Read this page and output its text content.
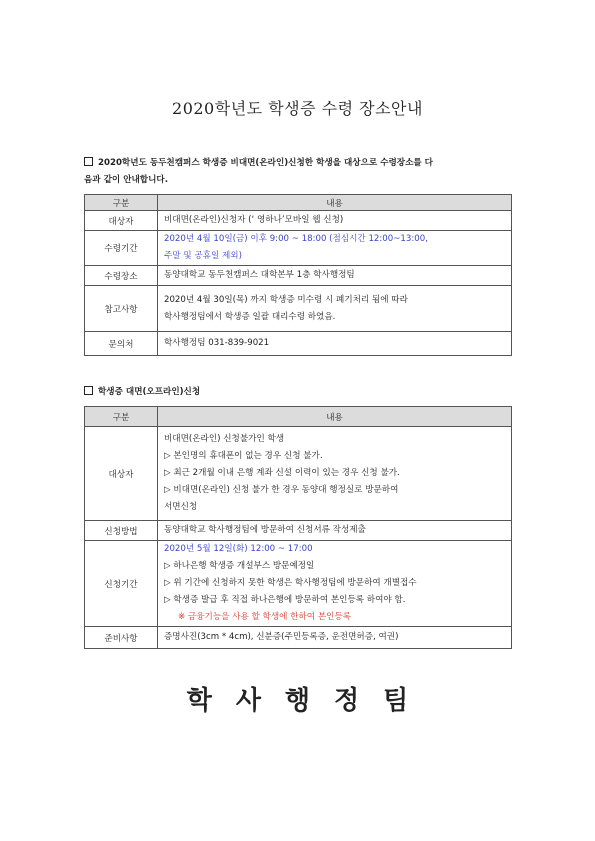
2020학년도 학생증 수령 장소안내
2020학년도 동두천캠퍼스 학생증 비대면(온라인)신청한 학생을 대상으로 수령장소를 다
음과 같이 안내합니다.
구분	내용
대상자	비대면(온라인)신청자 (‘ 영하나’모바일 웹 신청)

수령기간	2020년 4월 10일(금) 이후 9:00 ~ 18:00 (점심시간 12:00~13:00,
주말 및 공휴일 제외)

수령장소	동양대학교 동두천캠퍼스 대학본부 1층 학사행정팀

참고사항	2020년 4월 30일(목) 까지 학생증 미수령 시 폐기처리 됨에 따라
학사행정팀에서 학생증 일괄 대리수령 하였음.

문의처	학사행정팀 031-839-9021
학생증 대면(오프라인)신청
구분	내용
대상자	비대면(온라인) 신청불가인 학생
▷ 본인명의 휴대폰이 없는 경우 신청 불가.
▷ 최근 2개월 이내 은행 계좌 신설 이력이 있는 경우 신청 불가.
▷ 비대면(온라인) 신청 불가 한 경우 동양대 행정실로 방문하여
서면신청

신청방법	동양대학교 학사행정팀에 방문하여 신청서류 작성제출

신청기간	2020년 5월 12일(화) 12:00 ~ 17:00
▷ 하나은행 학생증 개설부스 방문예정일
▷ 위 기간에 신청하지 못한 학생은 학사행정팀에 방문하여 개별접수
▷ 학생증 발급 후 직접 하나은행에 방문하여 본인등록 하여야 함.
※ 금융기능을 사용 할 학생에 한하여 본인등록

준비사항	증명사진(3cm * 4cm), 신분증(주민등록증, 운전면허증, 여권)
학사행정팀
